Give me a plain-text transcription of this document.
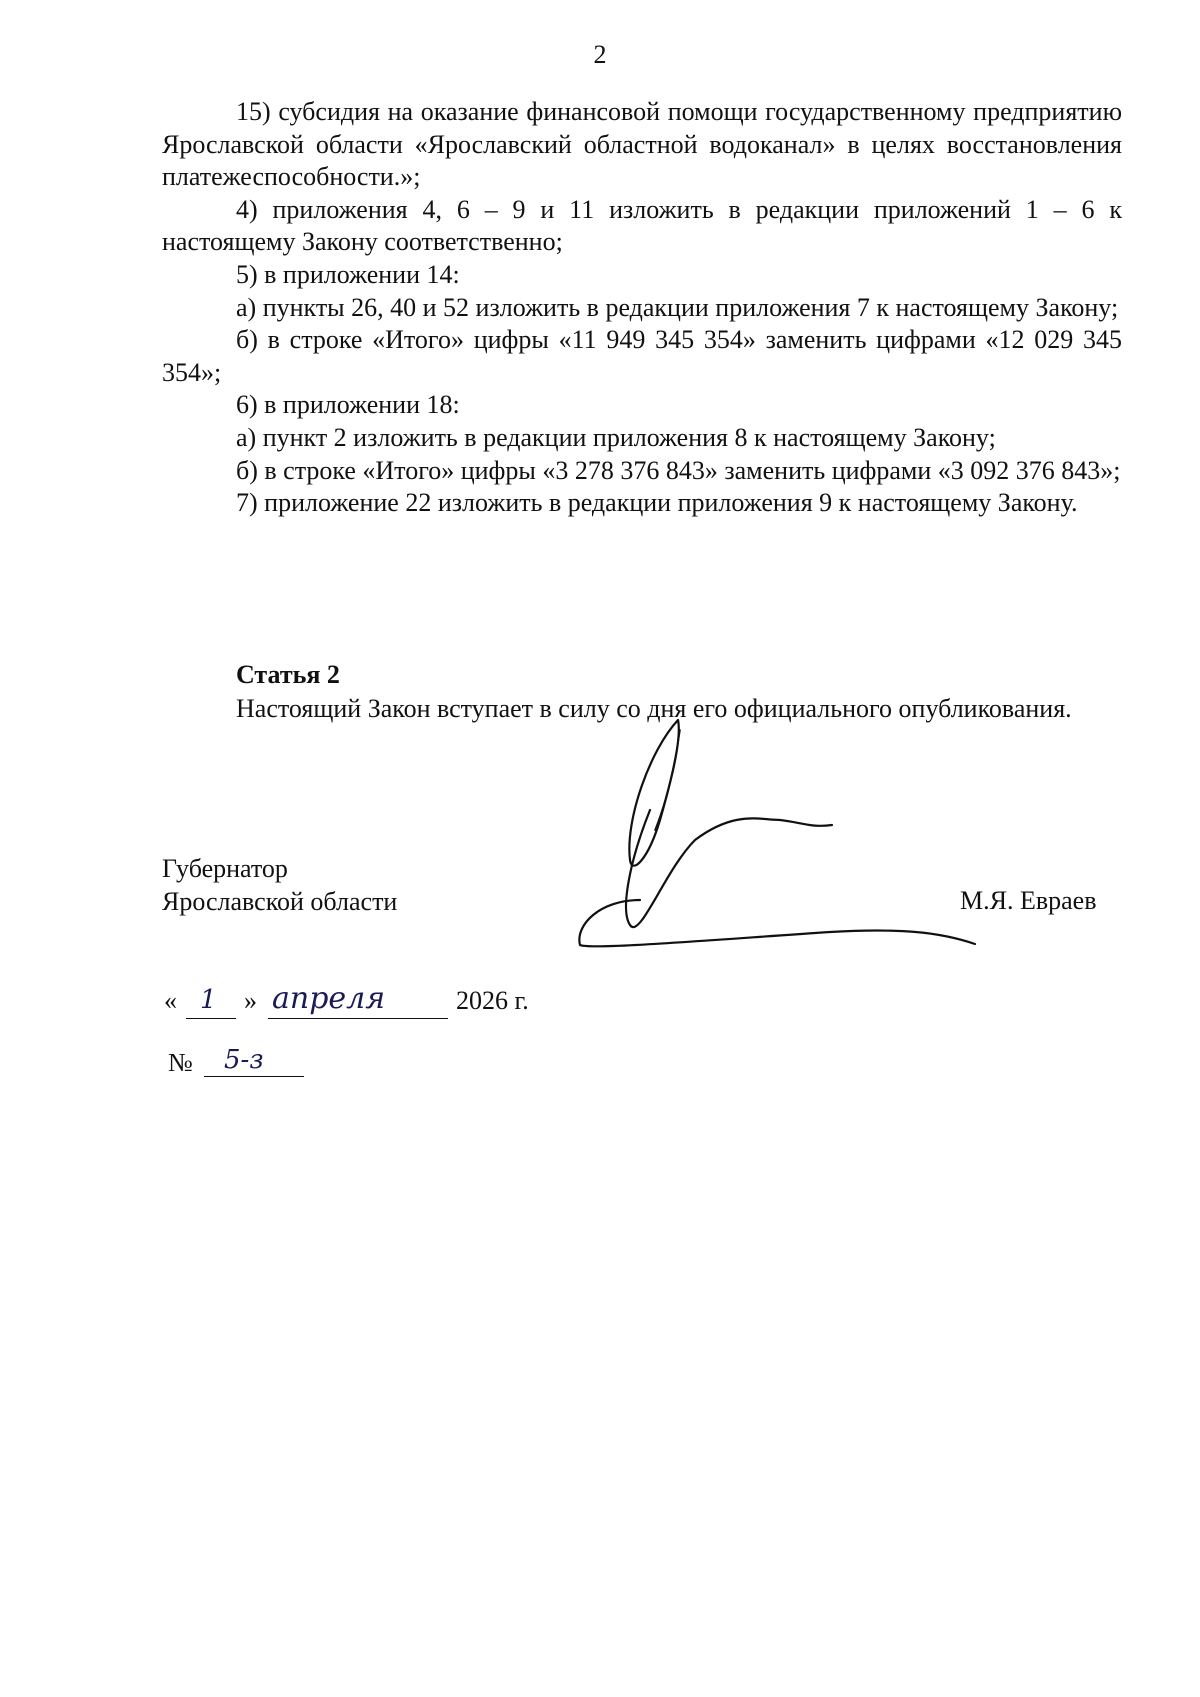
2

15) субсидия на оказание финансовой помощи государственному предприятию Ярославской области «Ярославский областной водоканал» в целях восстановления платежеспособности.»;

4) приложения 4, 6 – 9 и 11 изложить в редакции приложений 1 – 6 к настоящему Закону соответственно;

5) в приложении 14:

а) пункты 26, 40 и 52 изложить в редакции приложения 7 к настоящему Закону;

б) в строке «Итого» цифры «11 949 345 354» заменить цифрами «12 029 345 354»;

6) в приложении 18:

а) пункт 2 изложить в редакции приложения 8 к настоящему Закону;

б) в строке «Итого» цифры «3 278 376 843» заменить цифрами «3 092 376 843»;

7) приложение 22 изложить в редакции приложения 9 к настоящему Закону.

Статья 2

Настоящий Закон вступает в силу со дня его официального опубликования.

Губернатор
Ярославской области	М.Я. Евраев
« 1 » апреля	2026 г.
№ 5-з
